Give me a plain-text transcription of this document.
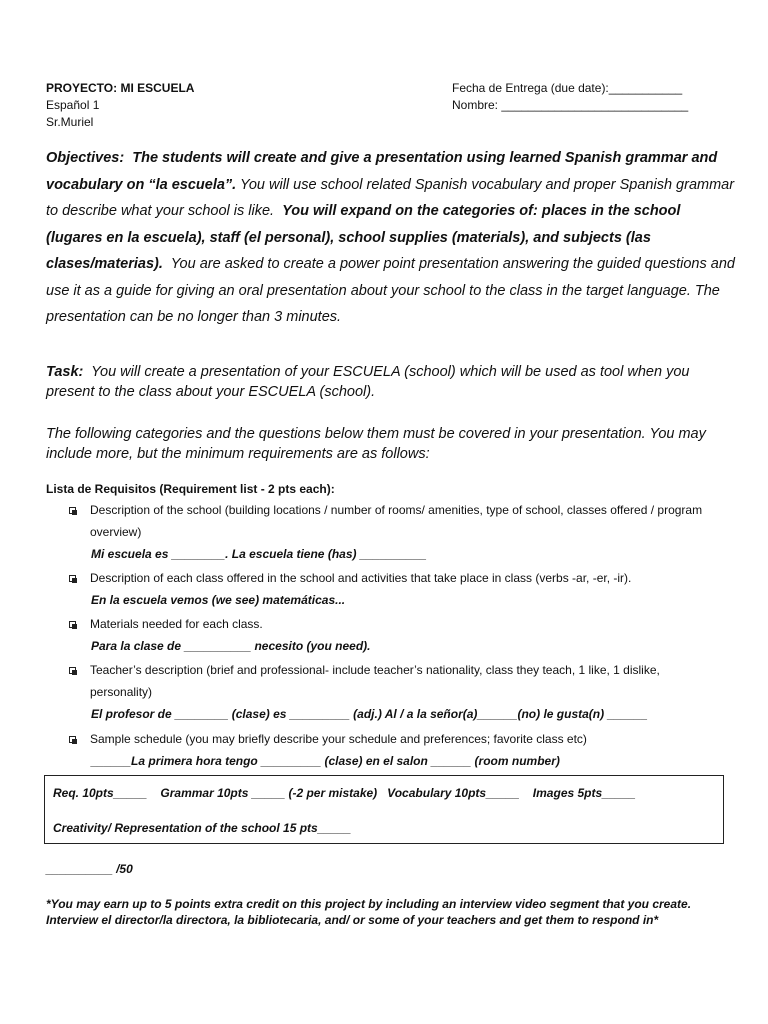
PROYECTO: MI ESCUELA
Español 1
Sr.Muriel
Fecha de Entrega (due date):___________
Nombre: ____________________________
Objectives: The students will create and give a presentation using learned Spanish grammar and vocabulary on “la escuela”. You will use school related Spanish vocabulary and proper Spanish grammar to describe what your school is like. You will expand on the categories of: places in the school (lugares en la escuela), staff (el personal), school supplies (materials), and subjects (las clases/materias). You are asked to create a power point presentation answering the guided questions and use it as a guide for giving an oral presentation about your school to the class in the target language. The presentation can be no longer than 3 minutes.
Task: You will create a presentation of your ESCUELA (school) which will be used as tool when you present to the class about your ESCUELA (school).
The following categories and the questions below them must be covered in your presentation. You may include more, but the minimum requirements are as follows:
Lista de Requisitos (Requirement list - 2 pts each):
Description of the school (building locations / number of rooms/ amenities, type of school, classes offered / program overview)
Mi escuela es ________. La escuela tiene (has) __________
Description of each class offered in the school and activities that take place in class (verbs -ar, -er, -ir).
En la escuela vemos (we see) matemáticas...
Materials needed for each class.
Para la clase de __________ necesito (you need).
Teacher’s description (brief and professional- include teacher’s nationality, class they teach, 1 like, 1 dislike, personality)
El profesor de ________ (clase) es _________ (adj.) Al / a la señor(a)______(no) le gusta(n) ______
Sample schedule (you may briefly describe your schedule and preferences; favorite class etc)
______La primera hora tengo _________ (clase) en el salon ______ (room number)
Req. 10pts_____    Grammar 10pts _____ (-2 per mistake)   Vocabulary 10pts_____    Images 5pts_____
Creativity/ Representation of the school 15 pts_____
__________ /50
*You may earn up to 5 points extra credit on this project by including an interview video segment that you create. Interview el director/la directora, la bibliotecaria, and/ or some of your teachers and get them to respond in*
